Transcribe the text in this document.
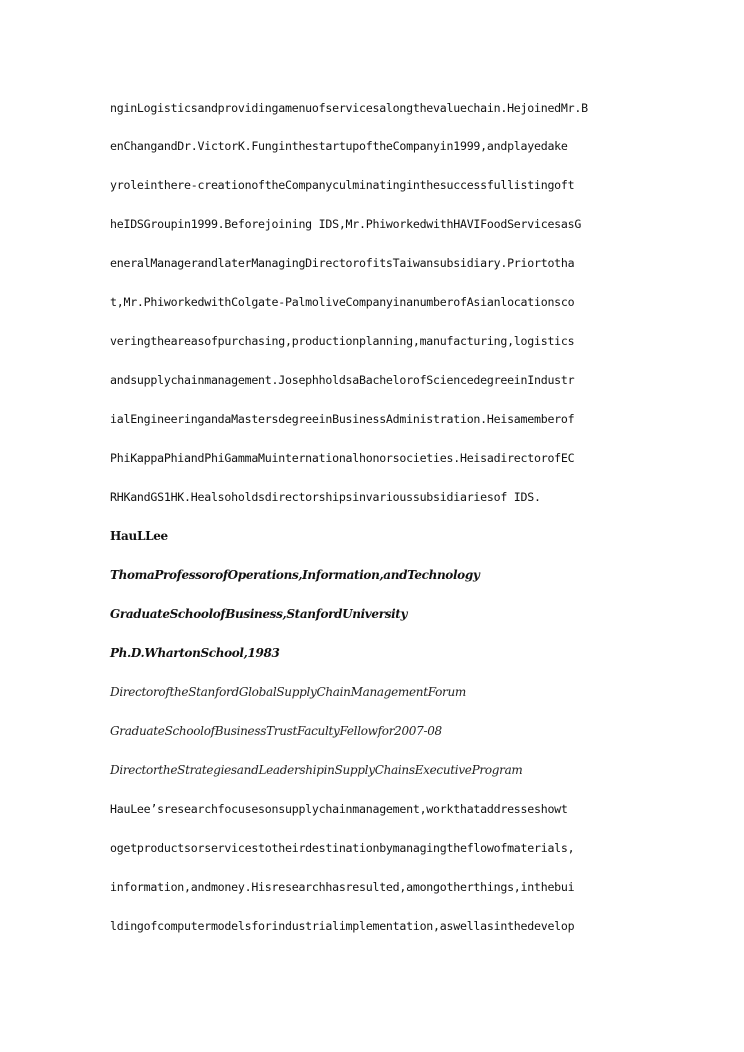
nginLogisticsandprovidingamenuofservicesalongthevaluechain.HejoinedMr.B
enChangandDr.VictorK.FunginthestartupoftheCompanyin1999,andplayedake
yroleinthere-creationoftheCompanyculminatinginthesuccessfullistingoft
heIDSGroupin1999.Beforejoining IDS,Mr.PhiworkedwithHAVIFoodServicesasG
eneralManagerandlaterManagingDirectorofitsTaiwansubsidiary.Priortotha
t,Mr.PhiworkedwithColgate-PalmoliveCompanyinanumberofAsianlocationsco
veringtheareasofpurchasing,productionplanning,manufacturing,logistics
andsupplychainmanagement.JosephholdsaBachelorofSciencedegreeinIndustr
ialEngineeringandaMastersdegreeinBusinessAdministration.Heisamemberof
PhiKappaPhiandPhiGammaMuinternationalhonorsocieties.HeisadirectorofEC
RHKandGS1HK.Healsoholdsdirectorshipsinvarioussubsidiariesof IDS.
HauLLee
ThomaProfessorofOperations,Information,andTechnology
GraduateSchoolofBusiness,StanfordUniversity
Ph.D.WhartonSchool,1983
DirectoroftheStanfordGlobalSupplyChainManagementForum
GraduateSchoolofBusinessTrustFacultyFellowfor2007-08
DirectortheStrategiesandLeadershipinSupplyChainsExecutiveProgram
HauLee’sresearchfocusesonsupplychainmanagement,workthataddresseshowt
ogetproductsorservicestotheirdestinationbymanagingtheflowofmaterials,
information,andmoney.Hisresearchhasresulted,amongotherthings,inthebui
ldingofcomputermodelsforindustrialimplementation,aswellasinthedevelop
